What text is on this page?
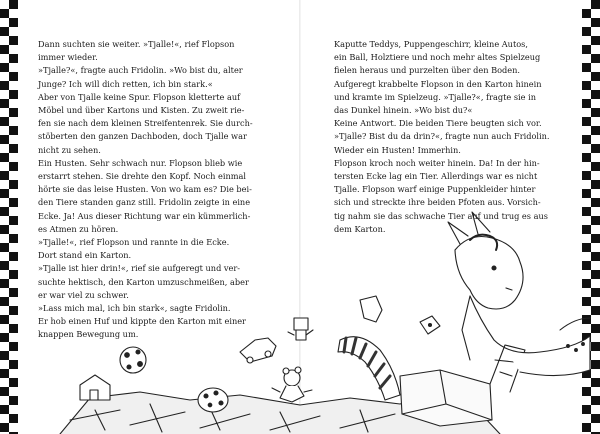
Dann suchten sie weiter. »Tjalle!«, rief Flopson

immer wieder.

»Tjalle?«, fragte auch Fridolin. »Wo bist du, alter

Junge? Ich will dich retten, ich bin stark.«

Aber von Tjalle keine Spur. Flopson kletterte auf

Möbel und über Kartons und Kisten. Zu zweit rie-

fen sie nach dem kleinen Streifentenrek. Sie durch-

stöberten den ganzen Dachboden, doch Tjalle war

nicht zu sehen.

Ein Husten. Sehr schwach nur. Flopson blieb wie

erstarrt stehen. Sie drehte den Kopf. Noch einmal

hörte sie das leise Husten. Von wo kam es? Die bei-

den Tiere standen ganz still. Fridolin zeigte in eine

Ecke. Ja! Aus dieser Richtung war ein kümmerlich-

es Atmen zu hören.

»Tjalle!«, rief Flopson und rannte in die Ecke.

Dort stand ein Karton.

»Tjalle ist hier drin!«, rief sie aufgeregt und ver-

suchte hektisch, den Karton umzuschmeißen, aber

er war viel zu schwer.

»Lass mich mal, ich bin stark«, sagte Fridolin.

Er hob einen Huf und kippte den Karton mit einer

knappen Bewegung um.

Kaputte Teddys, Puppengeschirr, kleine Autos,

ein Ball, Holztiere und noch mehr altes Spielzeug

fielen heraus und purzelten über den Boden.

Aufgeregt krabbelte Flopson in den Karton hinein

und kramte im Spielzeug. »Tjalle?«, fragte sie in

das Dunkel hinein. »Wo bist du?«

Keine Antwort. Die beiden Tiere beugten sich vor.

»Tjalle? Bist du da drin?«, fragte nun auch Fridolin.

Wieder ein Husten! Immerhin.

Flopson kroch noch weiter hinein. Da! In der hin-

tersten Ecke lag ein Tier. Allerdings war es nicht

Tjalle. Flopson warf einige Puppenkleider hinter

sich und streckte ihre beiden Pfoten aus. Vorsich-

tig nahm sie das schwache Tier auf und trug es aus

dem Karton.
